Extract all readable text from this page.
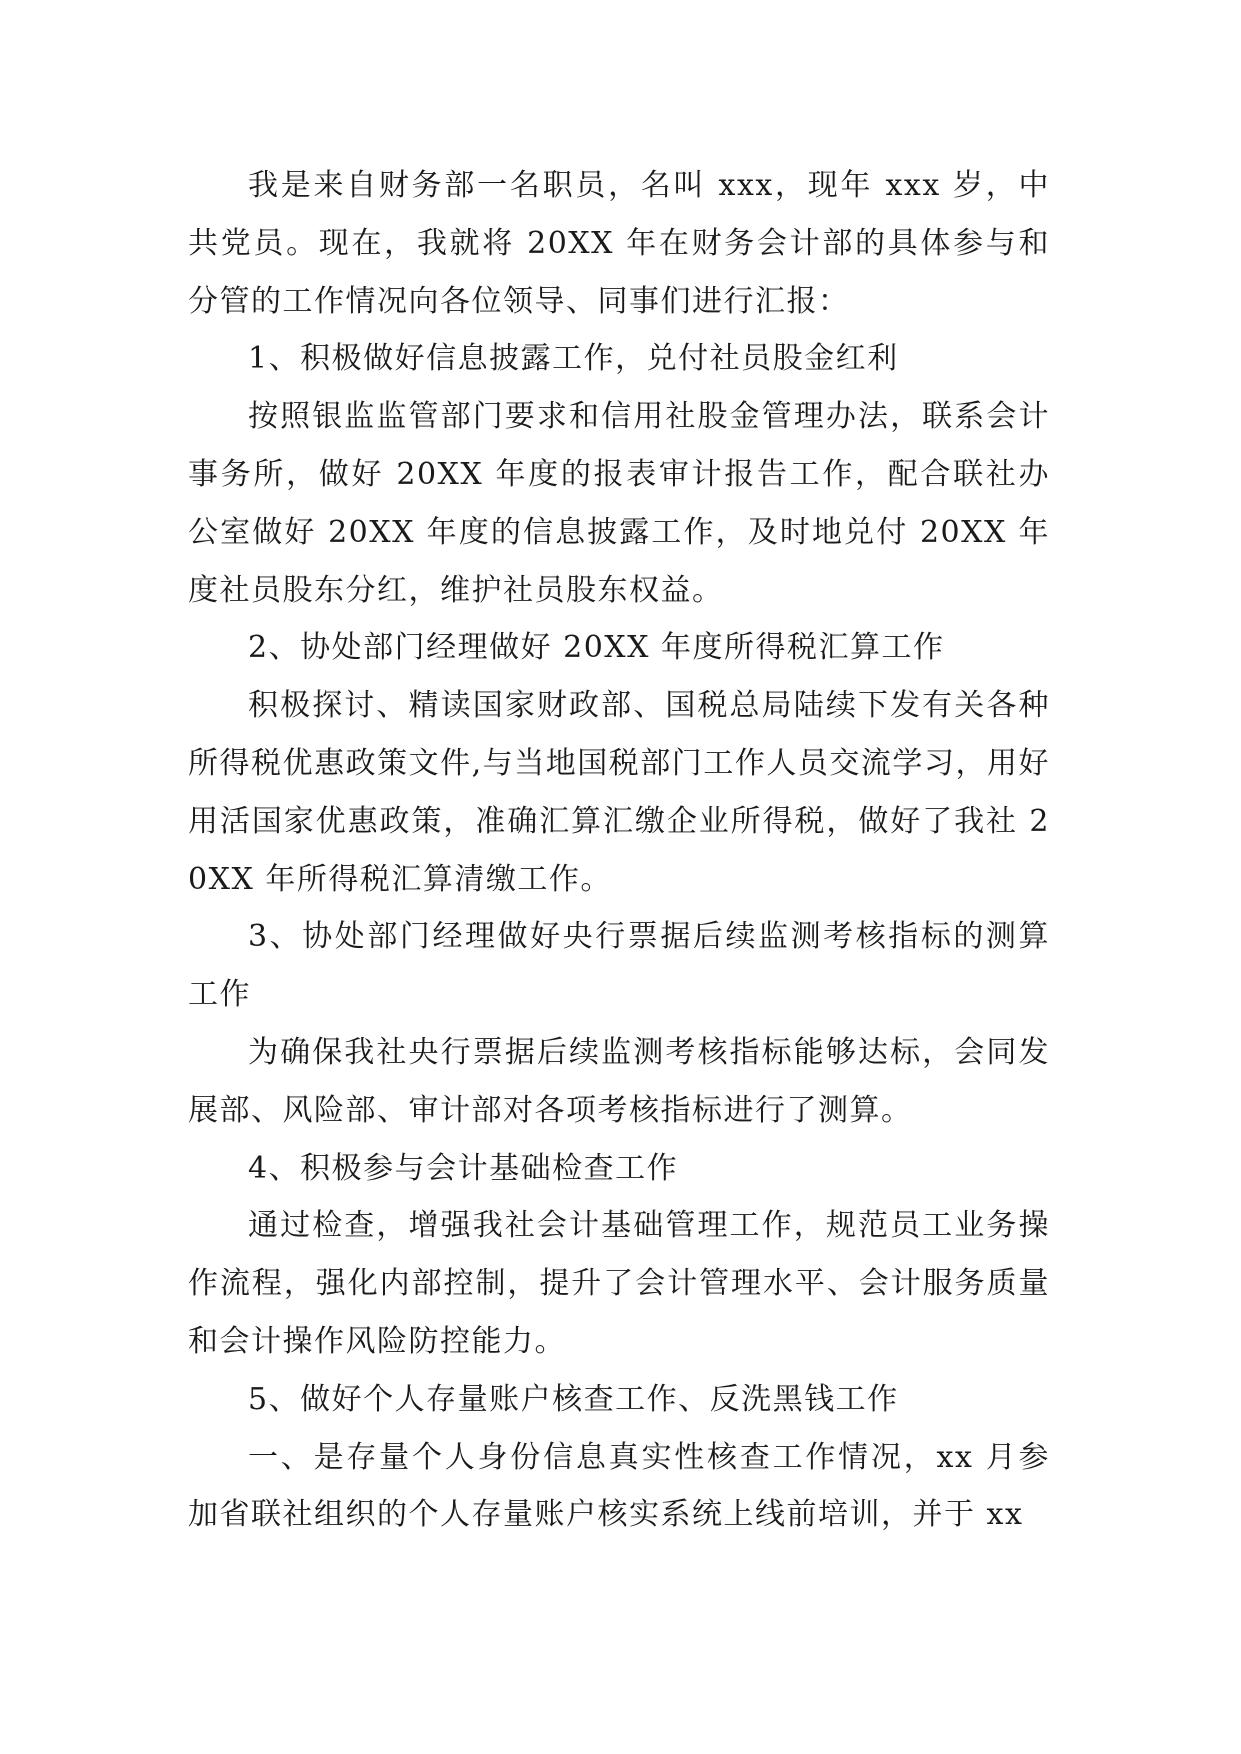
我是来自财务部一名职员，名叫 xxx，现年 xxx 岁，中共党员。现在，我就将 20XX 年在财务会计部的具体参与和分管的工作情况向各位领导、同事们进行汇报：

1、积极做好信息披露工作，兑付社员股金红利

按照银监监管部门要求和信用社股金管理办法，联系会计事务所，做好 20XX 年度的报表审计报告工作，配合联社办公室做好 20XX 年度的信息披露工作，及时地兑付 20XX 年度社员股东分红，维护社员股东权益。

2、协处部门经理做好 20XX 年度所得税汇算工作

积极探讨、精读国家财政部、国税总局陆续下发有关各种所得税优惠政策文件,与当地国税部门工作人员交流学习，用好用活国家优惠政策，准确汇算汇缴企业所得税，做好了我社 20XX 年所得税汇算清缴工作。

3、协处部门经理做好央行票据后续监测考核指标的测算工作

为确保我社央行票据后续监测考核指标能够达标，会同发展部、风险部、审计部对各项考核指标进行了测算。

4、积极参与会计基础检查工作

通过检查，增强我社会计基础管理工作，规范员工业务操作流程，强化内部控制，提升了会计管理水平、会计服务质量和会计操作风险防控能力。

5、做好个人存量账户核查工作、反洗黑钱工作

一、是存量个人身份信息真实性核查工作情况，xx 月参加省联社组织的个人存量账户核实系统上线前培训，并于 xx
